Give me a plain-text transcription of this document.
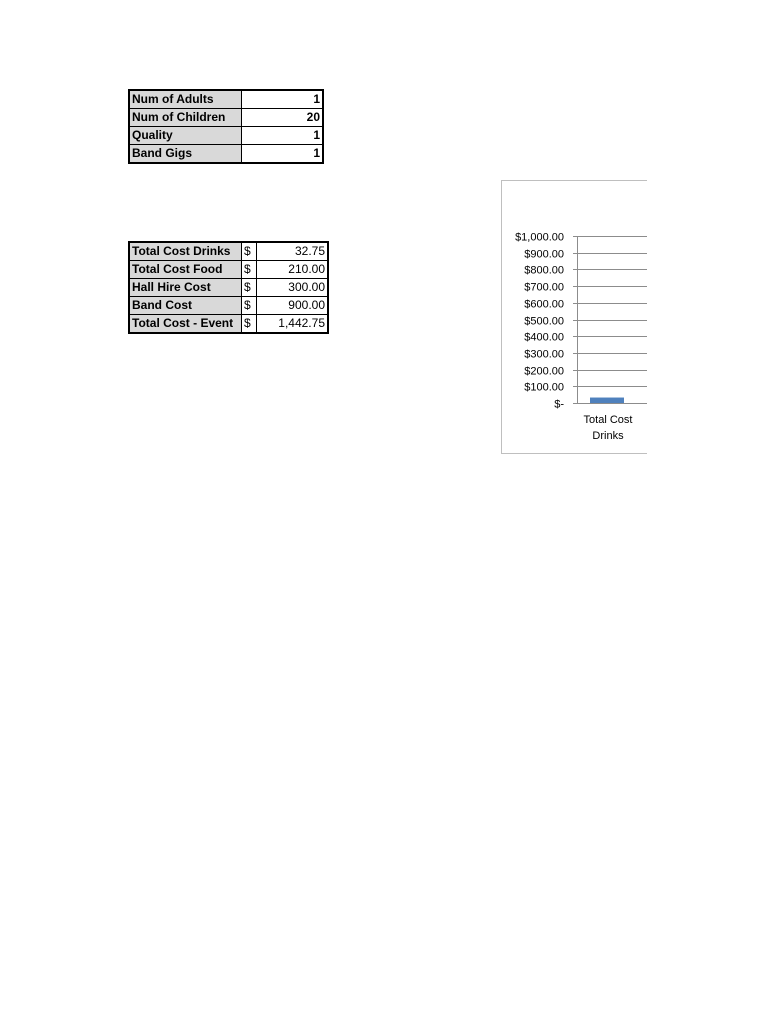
Num of Adults	1
Num of Children	20
Quality	1
Band Gigs	1
Total Cost Drinks	$	32.75
Total Cost Food	$	210.00
Hall Hire Cost	$	300.00
Band Cost	$	900.00
Total Cost - Event	$	1,442.75
$-
$100.00
$200.00
$300.00
$400.00
$500.00
$600.00
$700.00
$800.00
$900.00
$1,000.00
Total Cost
Drinks
